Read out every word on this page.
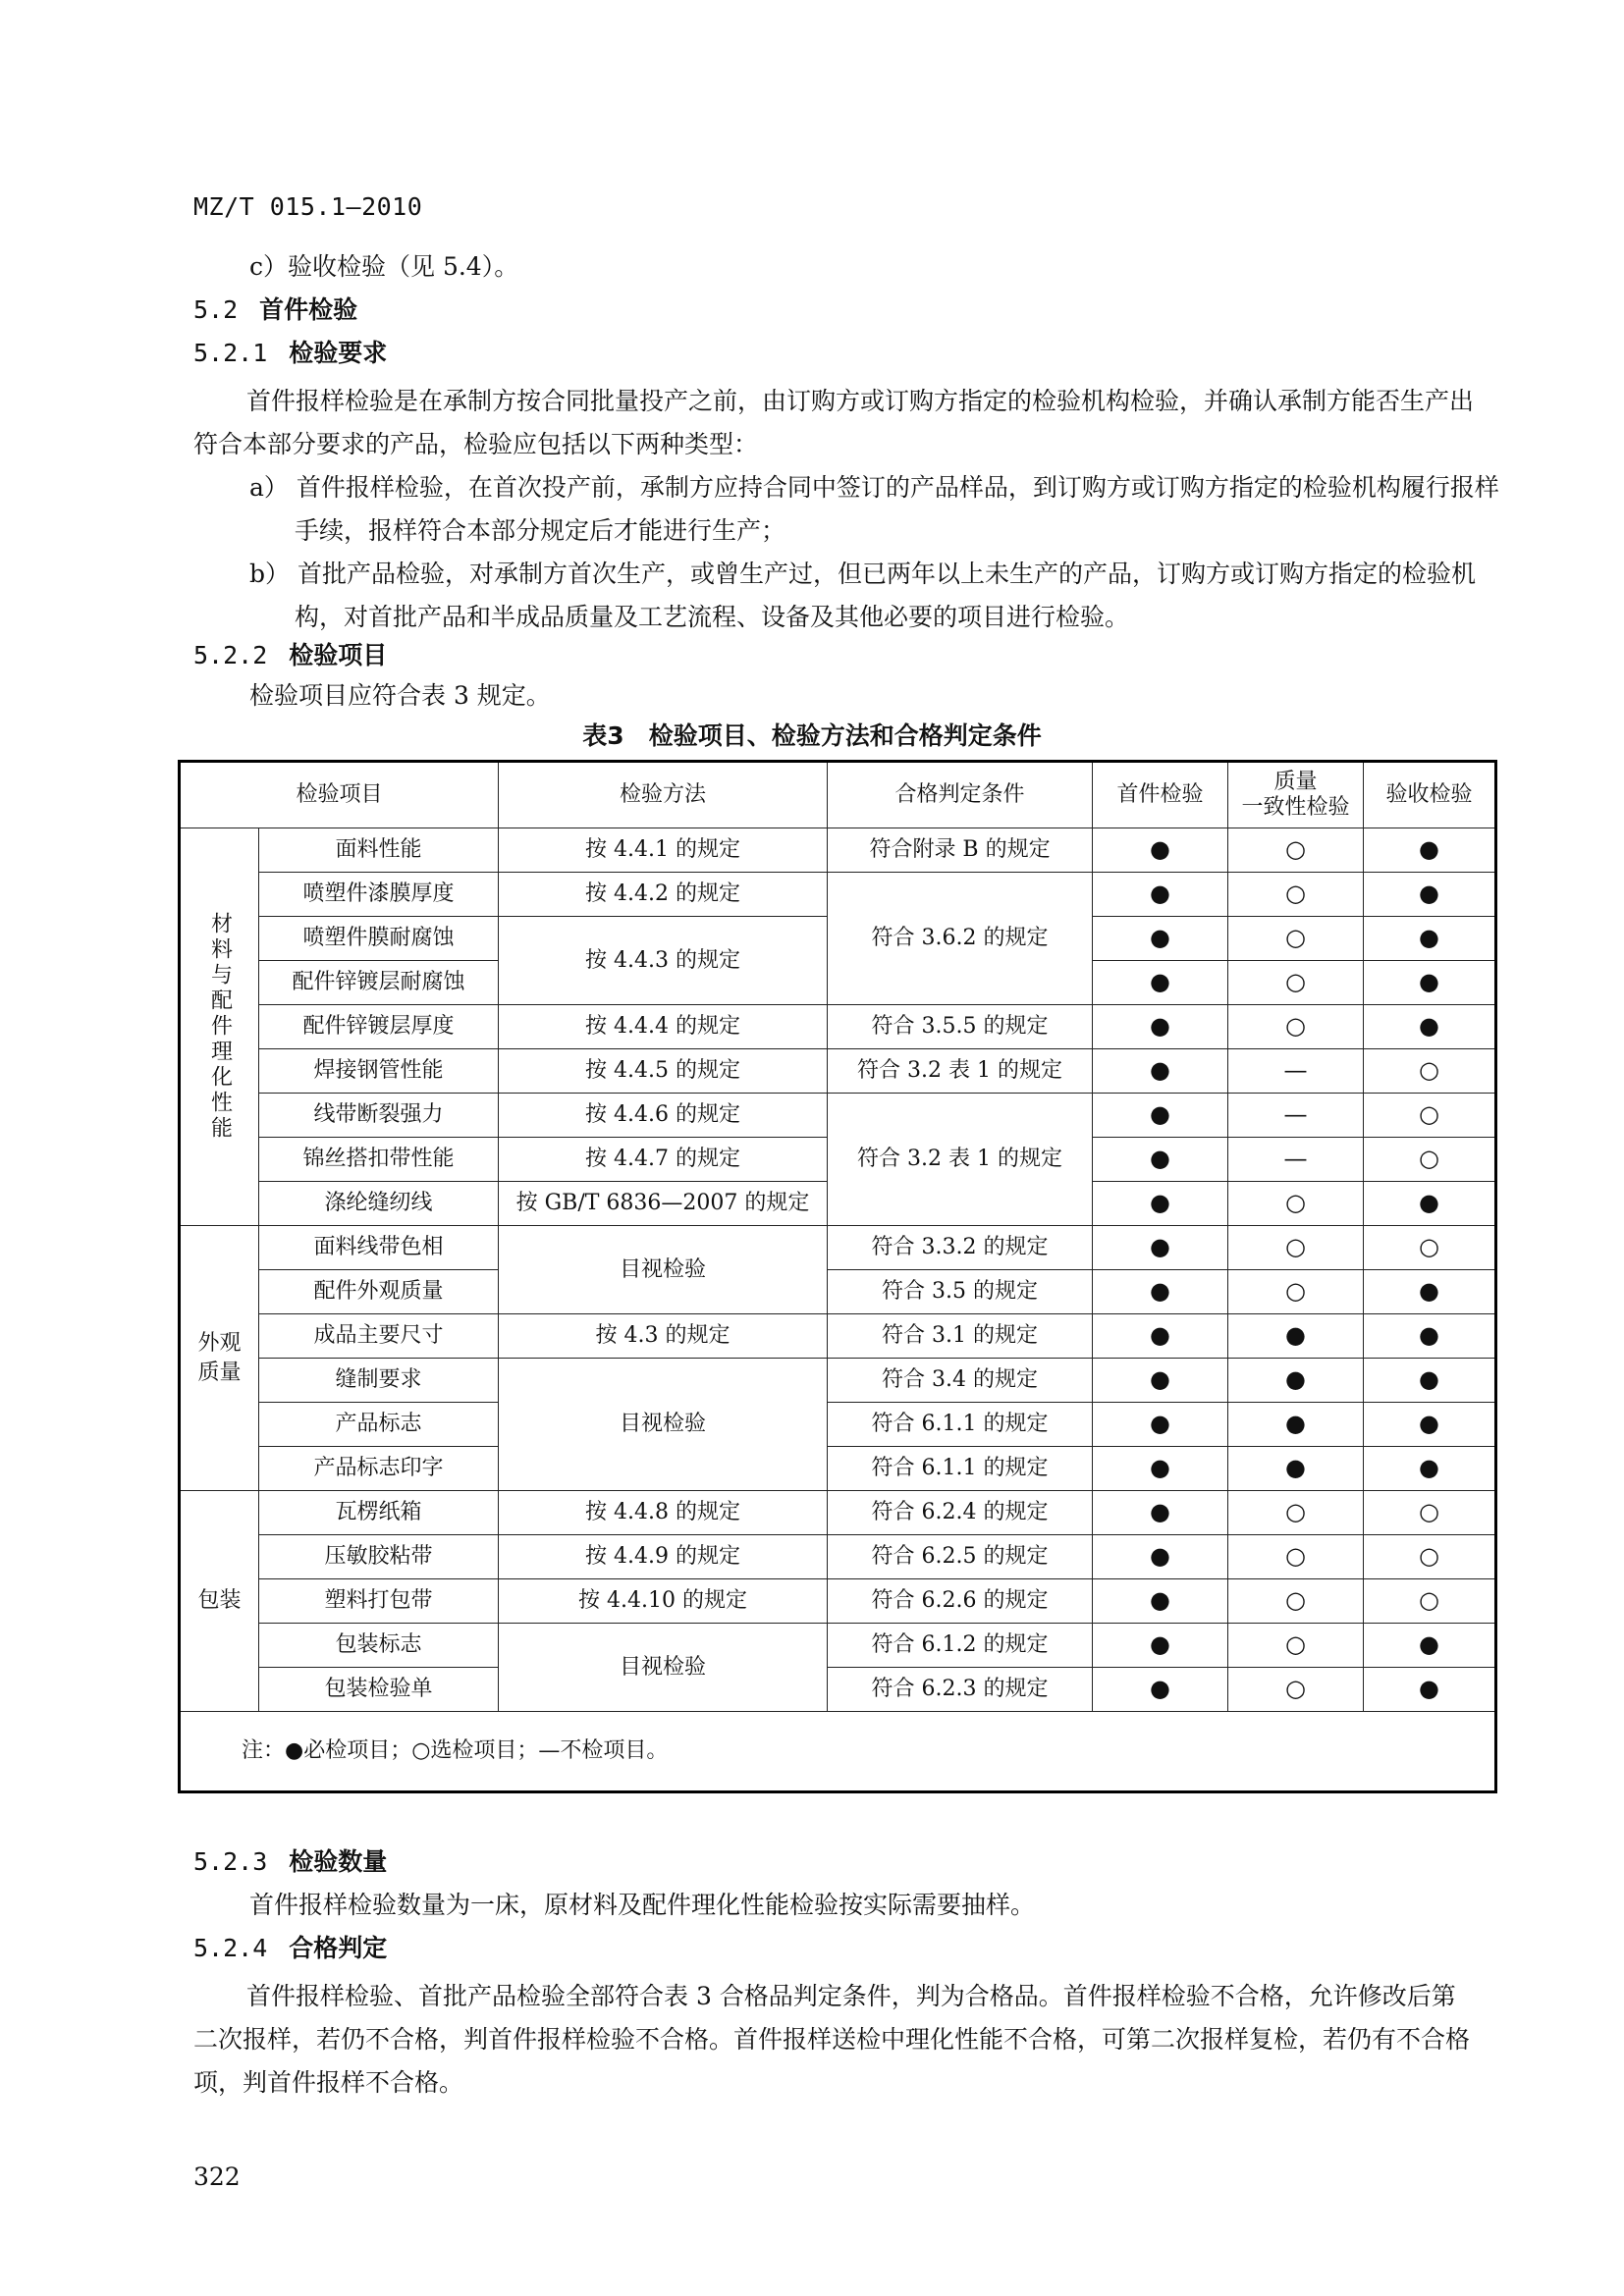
MZ/T 015.1—2010
c）验收检验（见 5.4）。
5.2 首件检验
5.2.1 检验要求
首件报样检验是在承制方按合同批量投产之前，由订购方或订购方指定的检验机构检验，并确认承制方能否生产出符合本部分要求的产品，检验应包括以下两种类型：
a） 首件报样检验，在首次投产前，承制方应持合同中签订的产品样品，到订购方或订购方指定的检验机构履行报样手续，报样符合本部分规定后才能进行生产；
b） 首批产品检验，对承制方首次生产，或曾生产过，但已两年以上未生产的产品，订购方或订购方指定的检验机构，对首批产品和半成品质量及工艺流程、设备及其他必要的项目进行检验。
5.2.2 检验项目
检验项目应符合表 3 规定。
表3　检验项目、检验方法和合格判定条件
检验项目		检验方法	合格判定条件	首件检验	质量
一致性检验	验收检验
材料与配件理化性能	面料性能	按 4.4.1 的规定	符合附录 B 的规定	●	○	●
	喷塑件漆膜厚度	按 4.4.2 的规定	符合 3.6.2 的规定	●	○	●
	喷塑件膜耐腐蚀	按 4.4.3 的规定		●	○	●
	配件锌镀层耐腐蚀			●	○	●
	配件锌镀层厚度	按 4.4.4 的规定	符合 3.5.5 的规定	●	○	●
	焊接钢管性能	按 4.4.5 的规定	符合 3.2 表 1 的规定	●	—	○
	线带断裂强力	按 4.4.6 的规定	符合 3.2 表 1 的规定	●	—	○
	锦丝搭扣带性能	按 4.4.7 的规定		●	—	○
	涤纶缝纫线	按 GB/T 6836—2007 的规定		●	○	●
外观质量	面料线带色相	目视检验	符合 3.3.2 的规定	●	○	○
	配件外观质量		符合 3.5 的规定	●	○	●
	成品主要尺寸	按 4.3 的规定	符合 3.1 的规定	●	●	●
	缝制要求	目视检验	符合 3.4 的规定	●	●	●
	产品标志		符合 6.1.1 的规定	●	●	●
	产品标志印字		符合 6.1.1 的规定	●	●	●
包装	瓦楞纸箱	按 4.4.8 的规定	符合 6.2.4 的规定	●	○	○
	压敏胶粘带	按 4.4.9 的规定	符合 6.2.5 的规定	●	○	○
	塑料打包带	按 4.4.10 的规定	符合 6.2.6 的规定	●	○	○
	包装标志	目视检验	符合 6.1.2 的规定	●	○	●
	包装检验单		符合 6.2.3 的规定	●	○	●
注：●必检项目；○选检项目；—不检项目。						
5.2.3 检验数量
首件报样检验数量为一床，原材料及配件理化性能检验按实际需要抽样。
5.2.4 合格判定
首件报样检验、首批产品检验全部符合表 3 合格品判定条件，判为合格品。首件报样检验不合格，允许修改后第二次报样，若仍不合格，判首件报样检验不合格。首件报样送检中理化性能不合格，可第二次报样复检，若仍有不合格项，判首件报样不合格。
322
